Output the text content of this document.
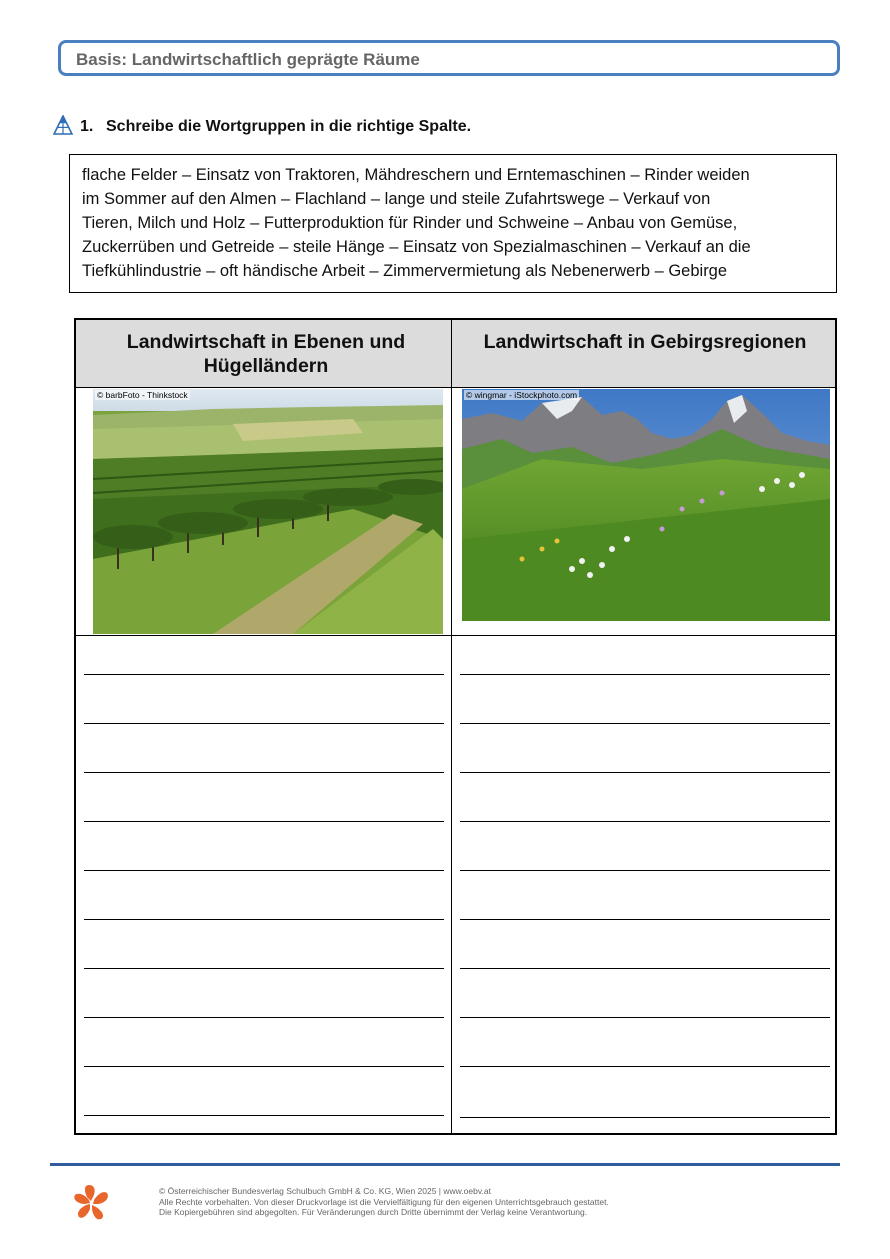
Basis: Landwirtschaftlich geprägte Räume
1. Schreibe die Wortgruppen in die richtige Spalte.
flache Felder – Einsatz von Traktoren, Mähdreschern und Erntemaschinen – Rinder weiden
im Sommer auf den Almen – Flachland – lange und steile Zufahrtswege – Verkauf von
Tieren, Milch und Holz – Futterproduktion für Rinder und Schweine – Anbau von Gemüse,
Zuckerrüben und Getreide – steile Hänge – Einsatz von Spezialmaschinen – Verkauf an die
Tiefkühlindustrie – oft händische Arbeit – Zimmervermietung als Nebenerwerb – Gebirge
Landwirtschaft in Ebenen und Hügelländern
Landwirtschaft in Gebirgsregionen
© barbFoto - Thinkstock	© wingmar - iStockphoto.com
© Österreichischer Bundesverlag Schulbuch GmbH & Co. KG, Wien 2025 | www.oebv.at
Alle Rechte vorbehalten. Von dieser Druckvorlage ist die Vervielfältigung für den eigenen Unterrichtsgebrauch gestattet.
Die Kopiergebühren sind abgegolten. Für Veränderungen durch Dritte übernimmt der Verlag keine Verantwortung.
